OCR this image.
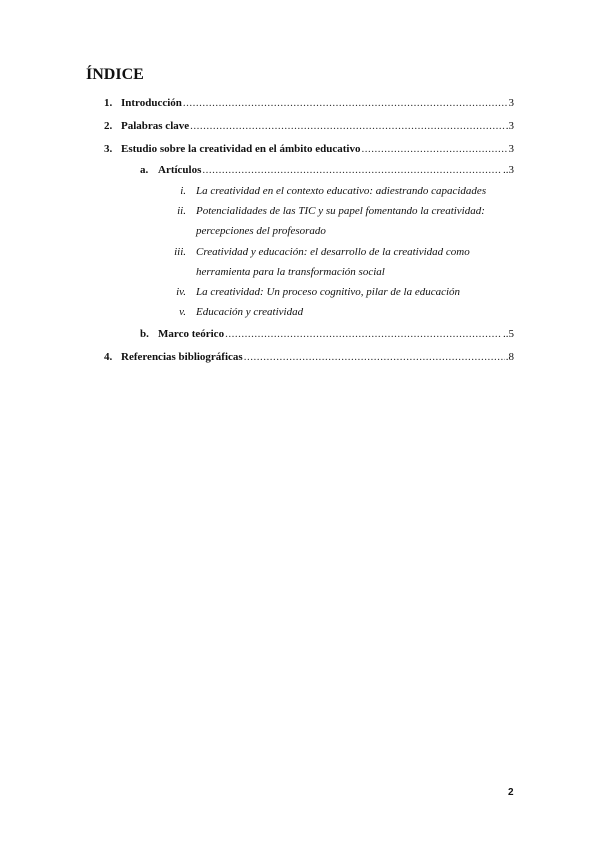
ÍNDICE
1. Introducción .....	3
2. Palabras clave .....	.3
3. Estudio sobre la creatividad en el ámbito educativo .....	3
a. Artículos .....	..3
i. La creatividad en el contexto educativo: adiestrando capacidades
ii. Potencialidades de las TIC y su papel fomentando la creatividad:
percepciones del profesorado
iii. Creatividad y educación: el desarrollo de la creatividad como
herramienta para la transformación social
iv. La creatividad: Un proceso cognitivo, pilar de la educación
v. Educación y creatividad
b. Marco teórico .....	..5
4. Referencias bibliográficas .....	.8
2
